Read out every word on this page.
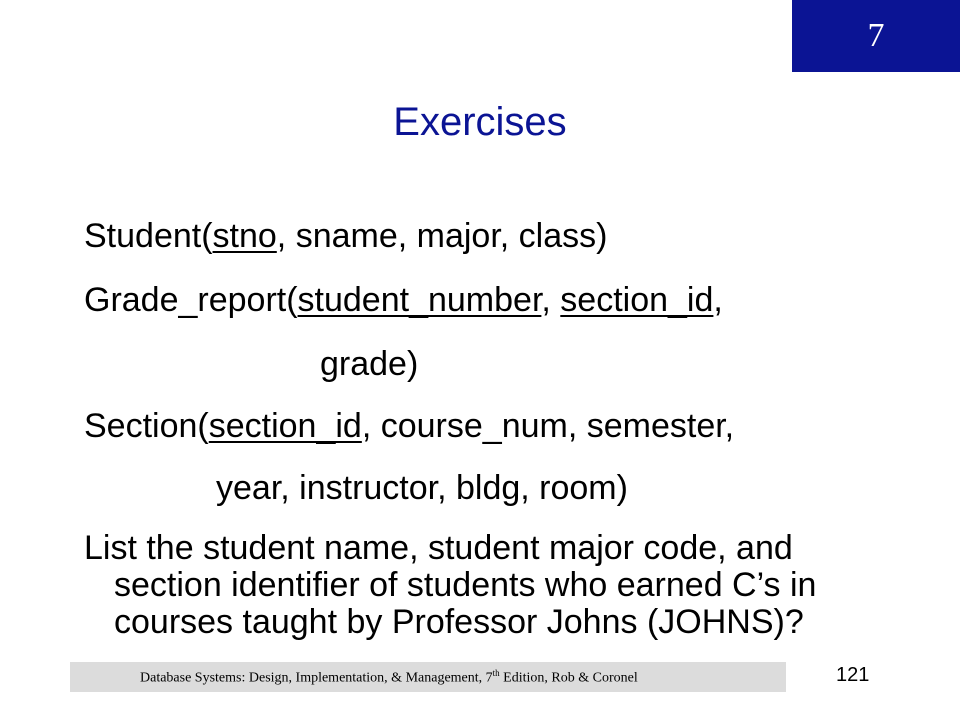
7
Exercises
Student(stno, sname, major, class)
Grade_report(student_number, section_id,
grade)
Section(section_id, course_num, semester,
year, instructor, bldg, room)
List the student name, student major code, and section identifier of students who earned C’s in courses taught by Professor Johns (JOHNS)?
Database Systems: Design, Implementation, & Management, 7th Edition, Rob & Coronel	121
